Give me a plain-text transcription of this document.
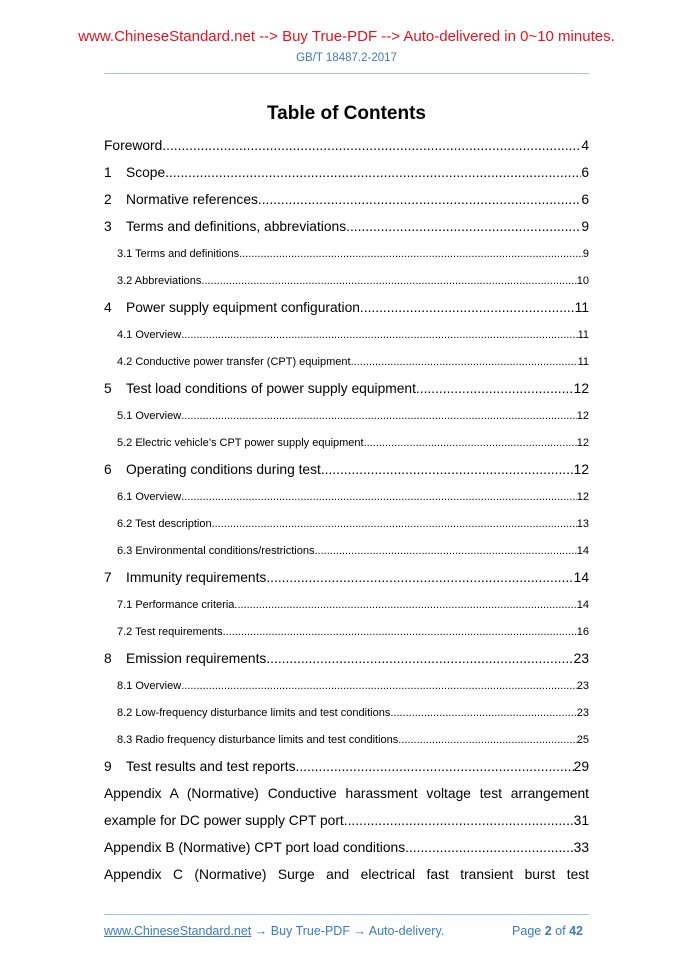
www.ChineseStandard.net --> Buy True-PDF --> Auto-delivered in 0~10 minutes.
GB/T 18487.2-2017
Table of Contents
Foreword .....	4
1	Scope .....	6
2	Normative references .....	6
3	Terms and definitions, abbreviations .....	9
3.1 Terms and definitions .....	9
3.2 Abbreviations .....	10
4	Power supply equipment configuration .....	11
4.1 Overview .....	11
4.2 Conductive power transfer (CPT) equipment .....	11
5	Test load conditions of power supply equipment .....	12
5.1 Overview .....	12
5.2 Electric vehicle’s CPT power supply equipment .....	12
6	Operating conditions during test .....	12
6.1 Overview .....	12
6.2 Test description .....	13
6.3 Environmental conditions/restrictions .....	14
7	Immunity requirements .....	14
7.1 Performance criteria .....	14
7.2 Test requirements .....	16
8	Emission requirements .....	23
8.1 Overview .....	23
8.2 Low-frequency disturbance limits and test conditions .....	23
8.3 Radio frequency disturbance limits and test conditions .....	25
9	Test results and test reports .....	29
Appendix A (Normative) Conductive harassment voltage test arrangement
example for DC power supply CPT port .....	31
Appendix B (Normative) CPT port load conditions .....	33
Appendix C (Normative) Surge and electrical fast transient burst test
www.ChineseStandard.net → Buy True-PDF → Auto-delivery.	Page 2 of 42
